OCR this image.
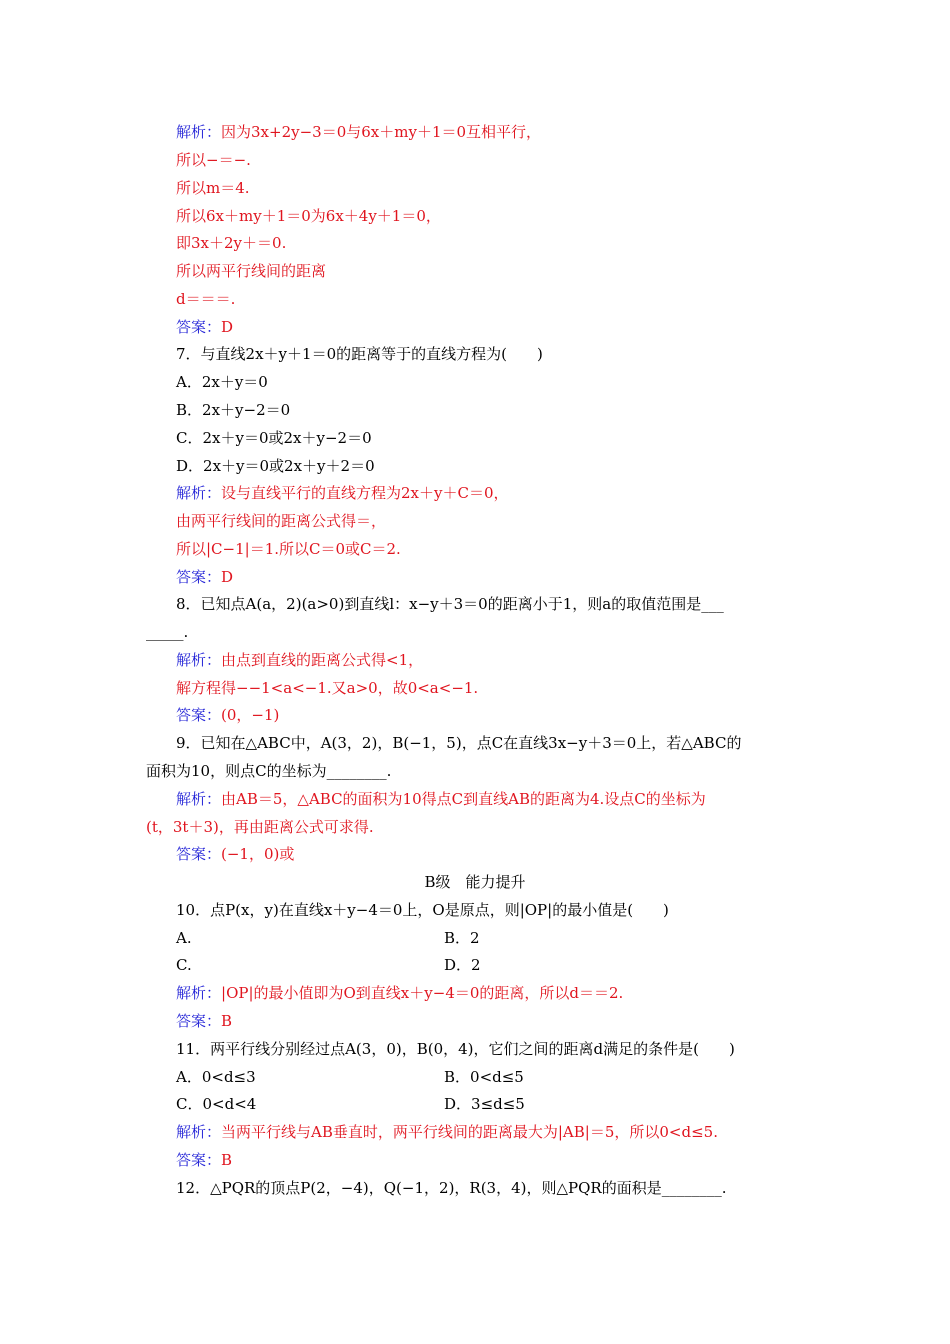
解析：因为3x+2y−3＝0与6x＋my＋1＝0互相平行，
所以−＝−.
所以m＝4.
所以6x＋my＋1＝0为6x＋4y＋1＝0，
即3x＋2y＋＝0.
所以两平行线间的距离
d＝＝＝.
答案：D
7．与直线2x＋y＋1＝0的距离等于的直线方程为(　　)
A．2x＋y＝0
B．2x＋y−2＝0
C．2x＋y＝0或2x＋y−2＝0
D．2x＋y＝0或2x＋y＋2＝0
解析：设与直线平行的直线方程为2x＋y＋C＝0，
由两平行线间的距离公式得＝，
所以|C−1|＝1.所以C＝0或C＝2.
答案：D
8．已知点A(a，2)(a>0)到直线l：x−y＋3＝0的距离小于1，则a的取值范围是___
_____.
解析：由点到直线的距离公式得<1，
解方程得−−1<a<−1.又a>0，故0<a<−1.
答案：(0，−1)
9．已知在△ABC中，A(3，2)，B(−1，5)，点C在直线3x−y＋3＝0上，若△ABC的
面积为10，则点C的坐标为________.
解析：由AB＝5，△ABC的面积为10得点C到直线AB的距离为4.设点C的坐标为
(t，3t＋3)，再由距离公式可求得.
答案：(−1，0)或
B级　能力提升
10．点P(x，y)在直线x＋y−4＝0上，O是原点，则|OP|的最小值是(　　)
A.	B．2
C.	D．2
解析：|OP|的最小值即为O到直线x＋y−4＝0的距离，所以d＝＝2.
答案：B
11．两平行线分别经过点A(3，0)，B(0，4)，它们之间的距离d满足的条件是(　　)
A．0<d≤3	B．0<d≤5
C．0<d<4	D．3≤d≤5
解析：当两平行线与AB垂直时，两平行线间的距离最大为|AB|＝5，所以0<d≤5.
答案：B
12．△PQR的顶点P(2，−4)，Q(−1，2)，R(3，4)，则△PQR的面积是________.
